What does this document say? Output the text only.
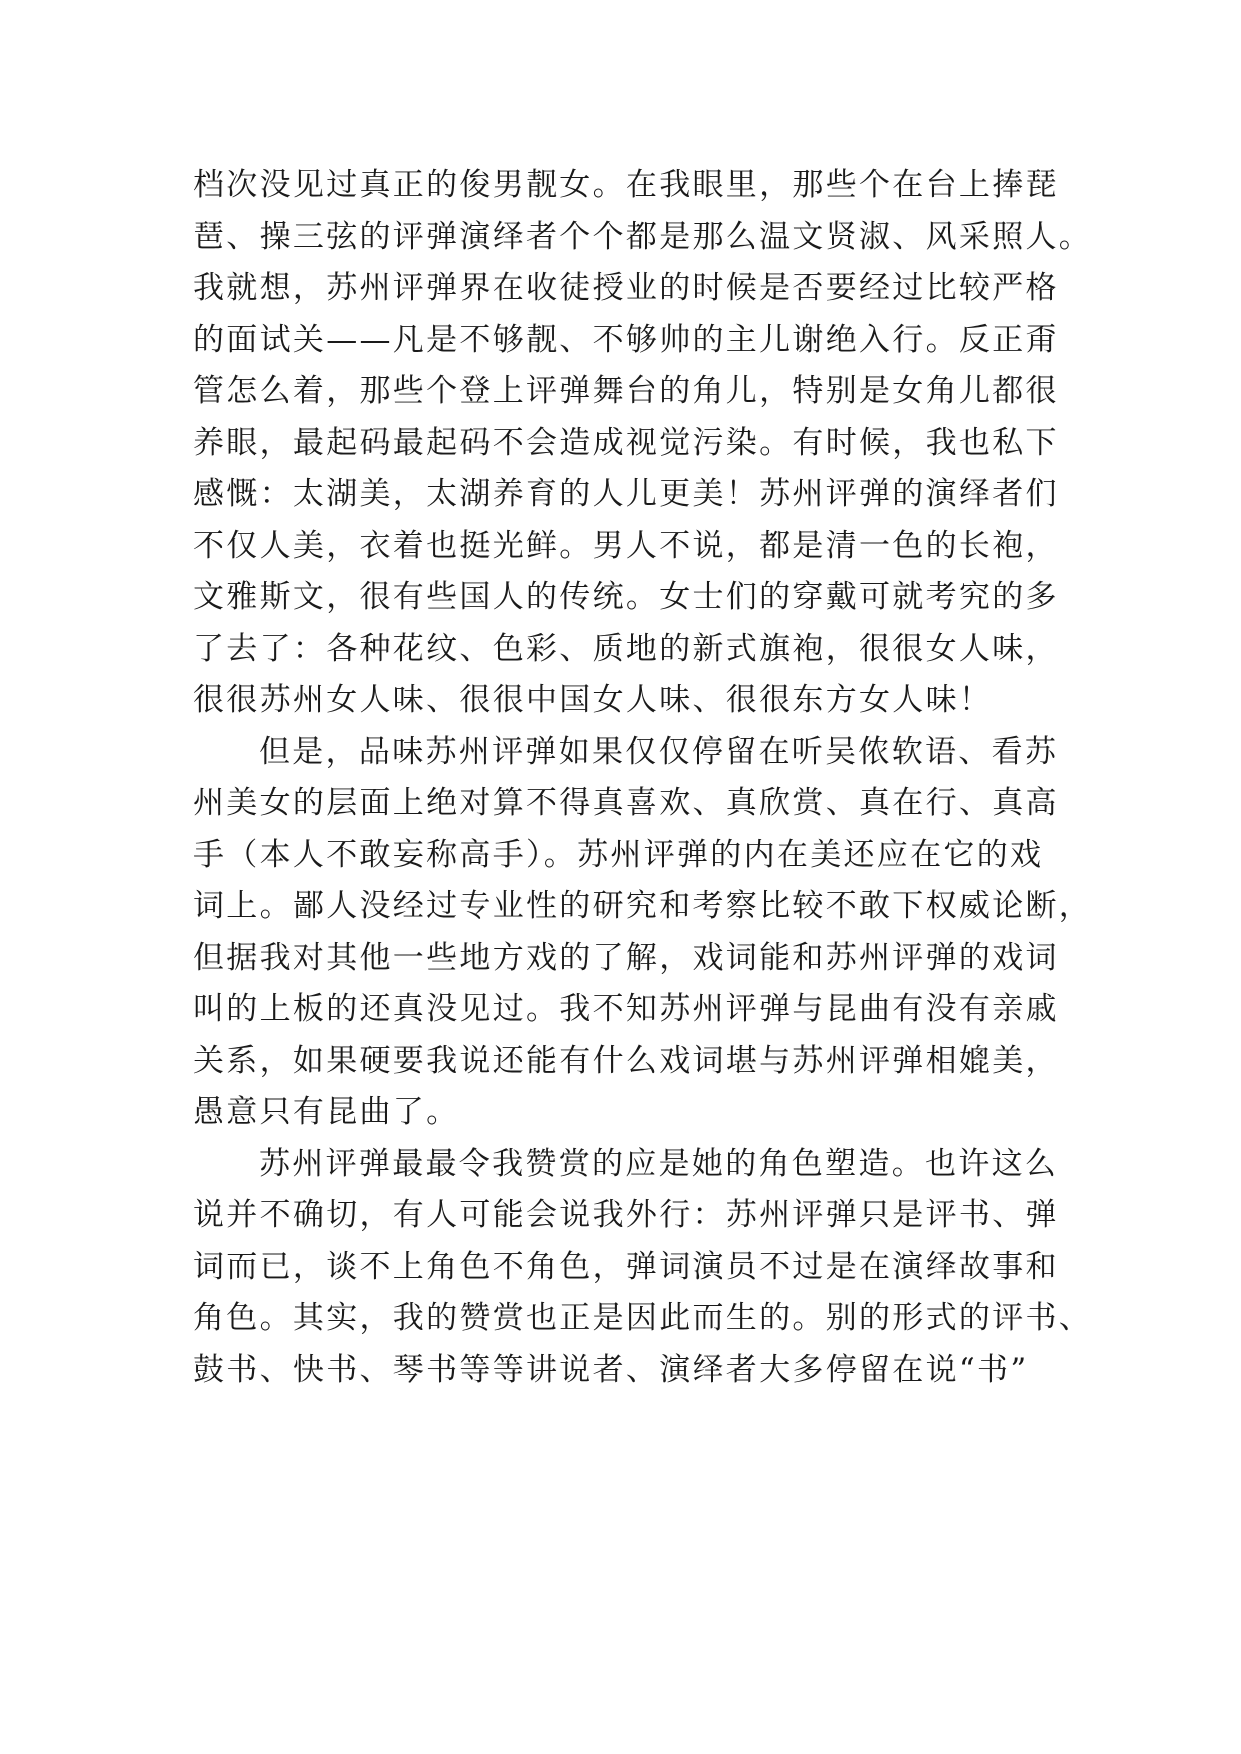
档次没见过真正的俊男靓女。在我眼里，那些个在台上捧琵
琶、操三弦的评弹演绎者个个都是那么温文贤淑、风采照人。
我就想，苏州评弹界在收徒授业的时候是否要经过比较严格
的面试关——凡是不够靓、不够帅的主儿谢绝入行。反正甭
管怎么着，那些个登上评弹舞台的角儿，特别是女角儿都很
养眼，最起码最起码不会造成视觉污染。有时候，我也私下
感慨：太湖美，太湖养育的人儿更美！苏州评弹的演绎者们
不仅人美，衣着也挺光鲜。男人不说，都是清一色的长袍，
文雅斯文，很有些国人的传统。女士们的穿戴可就考究的多
了去了：各种花纹、色彩、质地的新式旗袍，很很女人味，
很很苏州女人味、很很中国女人味、很很东方女人味！
但是，品味苏州评弹如果仅仅停留在听吴侬软语、看苏
州美女的层面上绝对算不得真喜欢、真欣赏、真在行、真高
手（本人不敢妄称高手）。苏州评弹的内在美还应在它的戏
词上。鄙人没经过专业性的研究和考察比较不敢下权威论断，
但据我对其他一些地方戏的了解，戏词能和苏州评弹的戏词
叫的上板的还真没见过。我不知苏州评弹与昆曲有没有亲戚
关系，如果硬要我说还能有什么戏词堪与苏州评弹相媲美，
愚意只有昆曲了。
苏州评弹最最令我赞赏的应是她的角色塑造。也许这么
说并不确切，有人可能会说我外行：苏州评弹只是评书、弹
词而已，谈不上角色不角色，弹词演员不过是在演绎故事和
角色。其实，我的赞赏也正是因此而生的。别的形式的评书、
鼓书、快书、琴书等等讲说者、演绎者大多停留在说“书”
